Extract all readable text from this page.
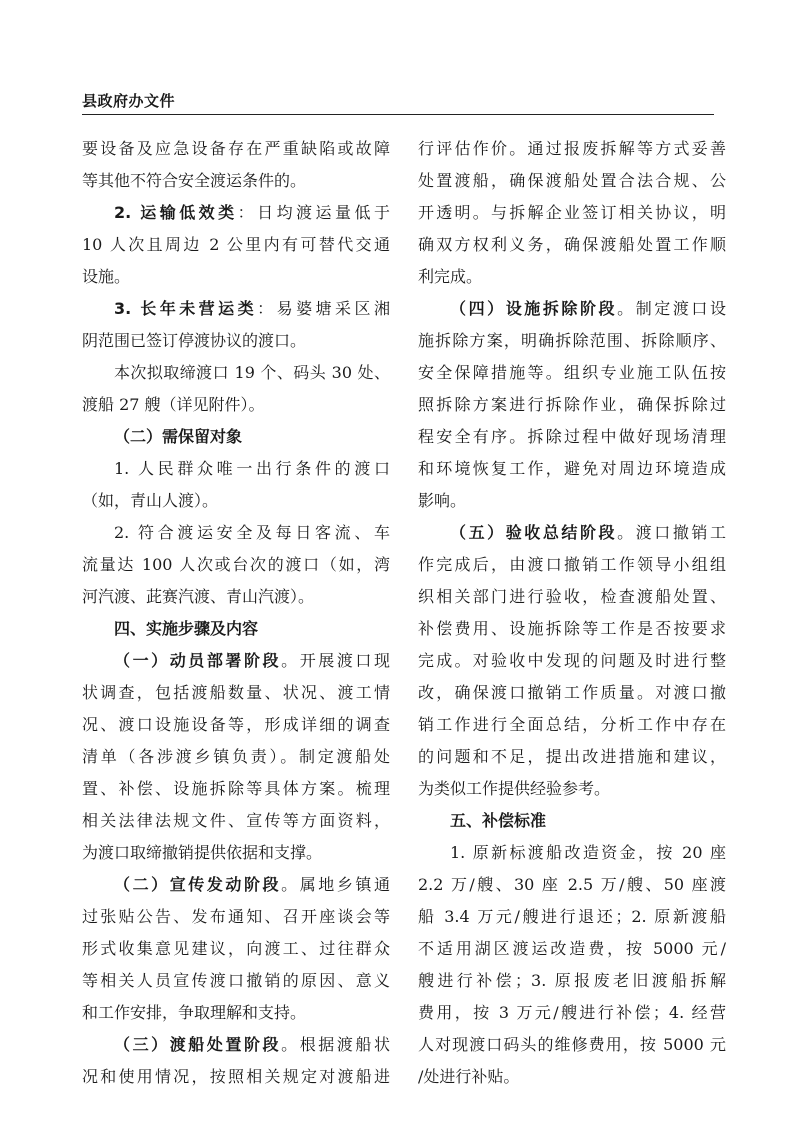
县政府办文件

要设备及应急设备存在严重缺陷或故障

等其他不符合安全渡运条件的。

2. 运输低效类：日均渡运量低于

10 人次且周边 2 公里内有可替代交通

设施。

3. 长年未营运类：易婆塘采区湘

阴范围已签订停渡协议的渡口。

本次拟取缔渡口 19 个、码头 30 处、

渡船 27 艘（详见附件）。

（二）需保留对象

1. 人民群众唯一出行条件的渡口

（如，青山人渡）。

2. 符合渡运安全及每日客流、车

流量达 100 人次或台次的渡口（如，湾

河汽渡、茈赛汽渡、青山汽渡）。

四、实施步骤及内容

（一）动员部署阶段。开展渡口现

状调查，包括渡船数量、状况、渡工情

况、渡口设施设备等，形成详细的调查

清单（各涉渡乡镇负责）。制定渡船处

置、补偿、设施拆除等具体方案。梳理

相关法律法规文件、宣传等方面资料，

为渡口取缔撤销提供依据和支撑。

（二）宣传发动阶段。属地乡镇通

过张贴公告、发布通知、召开座谈会等

形式收集意见建议，向渡工、过往群众

等相关人员宣传渡口撤销的原因、意义

和工作安排，争取理解和支持。

（三）渡船处置阶段。根据渡船状

况和使用情况，按照相关规定对渡船进

行评估作价。通过报废拆解等方式妥善

处置渡船，确保渡船处置合法合规、公

开透明。与拆解企业签订相关协议，明

确双方权利义务，确保渡船处置工作顺

利完成。

（四）设施拆除阶段。制定渡口设

施拆除方案，明确拆除范围、拆除顺序、

安全保障措施等。组织专业施工队伍按

照拆除方案进行拆除作业，确保拆除过

程安全有序。拆除过程中做好现场清理

和环境恢复工作，避免对周边环境造成

影响。

（五）验收总结阶段。渡口撤销工

作完成后，由渡口撤销工作领导小组组

织相关部门进行验收，检查渡船处置、

补偿费用、设施拆除等工作是否按要求

完成。对验收中发现的问题及时进行整

改，确保渡口撤销工作质量。对渡口撤

销工作进行全面总结，分析工作中存在

的问题和不足，提出改进措施和建议，

为类似工作提供经验参考。

五、补偿标准

1. 原新标渡船改造资金，按 20 座

2.2 万/艘、30 座 2.5 万/艘、50 座渡

船 3.4 万元/艘进行退还；2. 原新渡船

不适用湖区渡运改造费，按 5000 元/

艘进行补偿；3. 原报废老旧渡船拆解

费用，按 3 万元/艘进行补偿；4. 经营

人对现渡口码头的维修费用，按 5000 元

/处进行补贴。
